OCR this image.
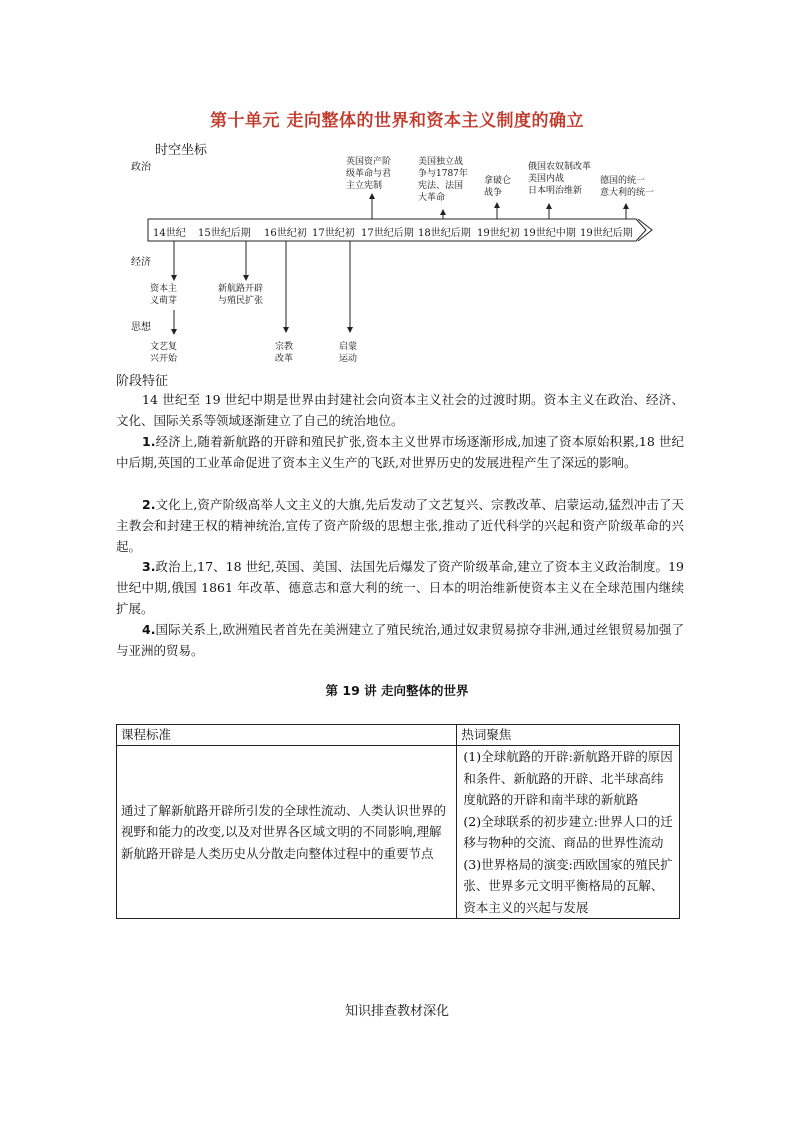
第十单元 走向整体的世界和资本主义制度的确立
时空坐标
政治
经济
思想
英国资产阶
级革命与君
主立宪制
美国独立战
争与1787年
宪法、法国
大革命
拿破仑
战争
俄国农奴制改革
美国内战
日本明治维新
德国的统一
意大利的统一
14世纪 15世纪后期 16世纪初 17世纪初 17世纪后期 18世纪后期 19世纪初 19世纪中期 19世纪后期
资本主
义萌芽
新航路开辟
与殖民扩张
文艺复
兴开始
宗教
改革
启蒙
运动
阶段特征
14 世纪至 19 世纪中期是世界由封建社会向资本主义社会的过渡时期。资本主义在政治、经济、文化、国际关系等领域逐渐建立了自己的统治地位。
1.经济上,随着新航路的开辟和殖民扩张,资本主义世界市场逐渐形成,加速了资本原始积累,18 世纪中后期,英国的工业革命促进了资本主义生产的飞跃,对世界历史的发展进程产生了深远的影响。
2.文化上,资产阶级高举人文主义的大旗,先后发动了文艺复兴、宗教改革、启蒙运动,猛烈冲击了天主教会和封建王权的精神统治,宣传了资产阶级的思想主张,推动了近代科学的兴起和资产阶级革命的兴起。
3.政治上,17、18 世纪,英国、美国、法国先后爆发了资产阶级革命,建立了资本主义政治制度。19 世纪中期,俄国 1861 年改革、德意志和意大利的统一、日本的明治维新使资本主义在全球范围内继续扩展。
4.国际关系上,欧洲殖民者首先在美洲建立了殖民统治,通过奴隶贸易掠夺非洲,通过丝银贸易加强了与亚洲的贸易。
第 19 讲 走向整体的世界
课程标准	热词聚焦
通过了解新航路开辟所引发的全球性流动、人类认识世界的视野和能力的改变,以及对世界各区域文明的不同影响,理解新航路开辟是人类历史从分散走向整体过程中的重要节点	(1)全球航路的开辟:新航路开辟的原因和条件、新航路的开辟、北半球高纬度航路的开辟和南半球的新航路
(2)全球联系的初步建立:世界人口的迁移与物种的交流、商品的世界性流动
(3)世界格局的演变:西欧国家的殖民扩张、世界多元文明平衡格局的瓦解、资本主义的兴起与发展
知识排查教材深化
